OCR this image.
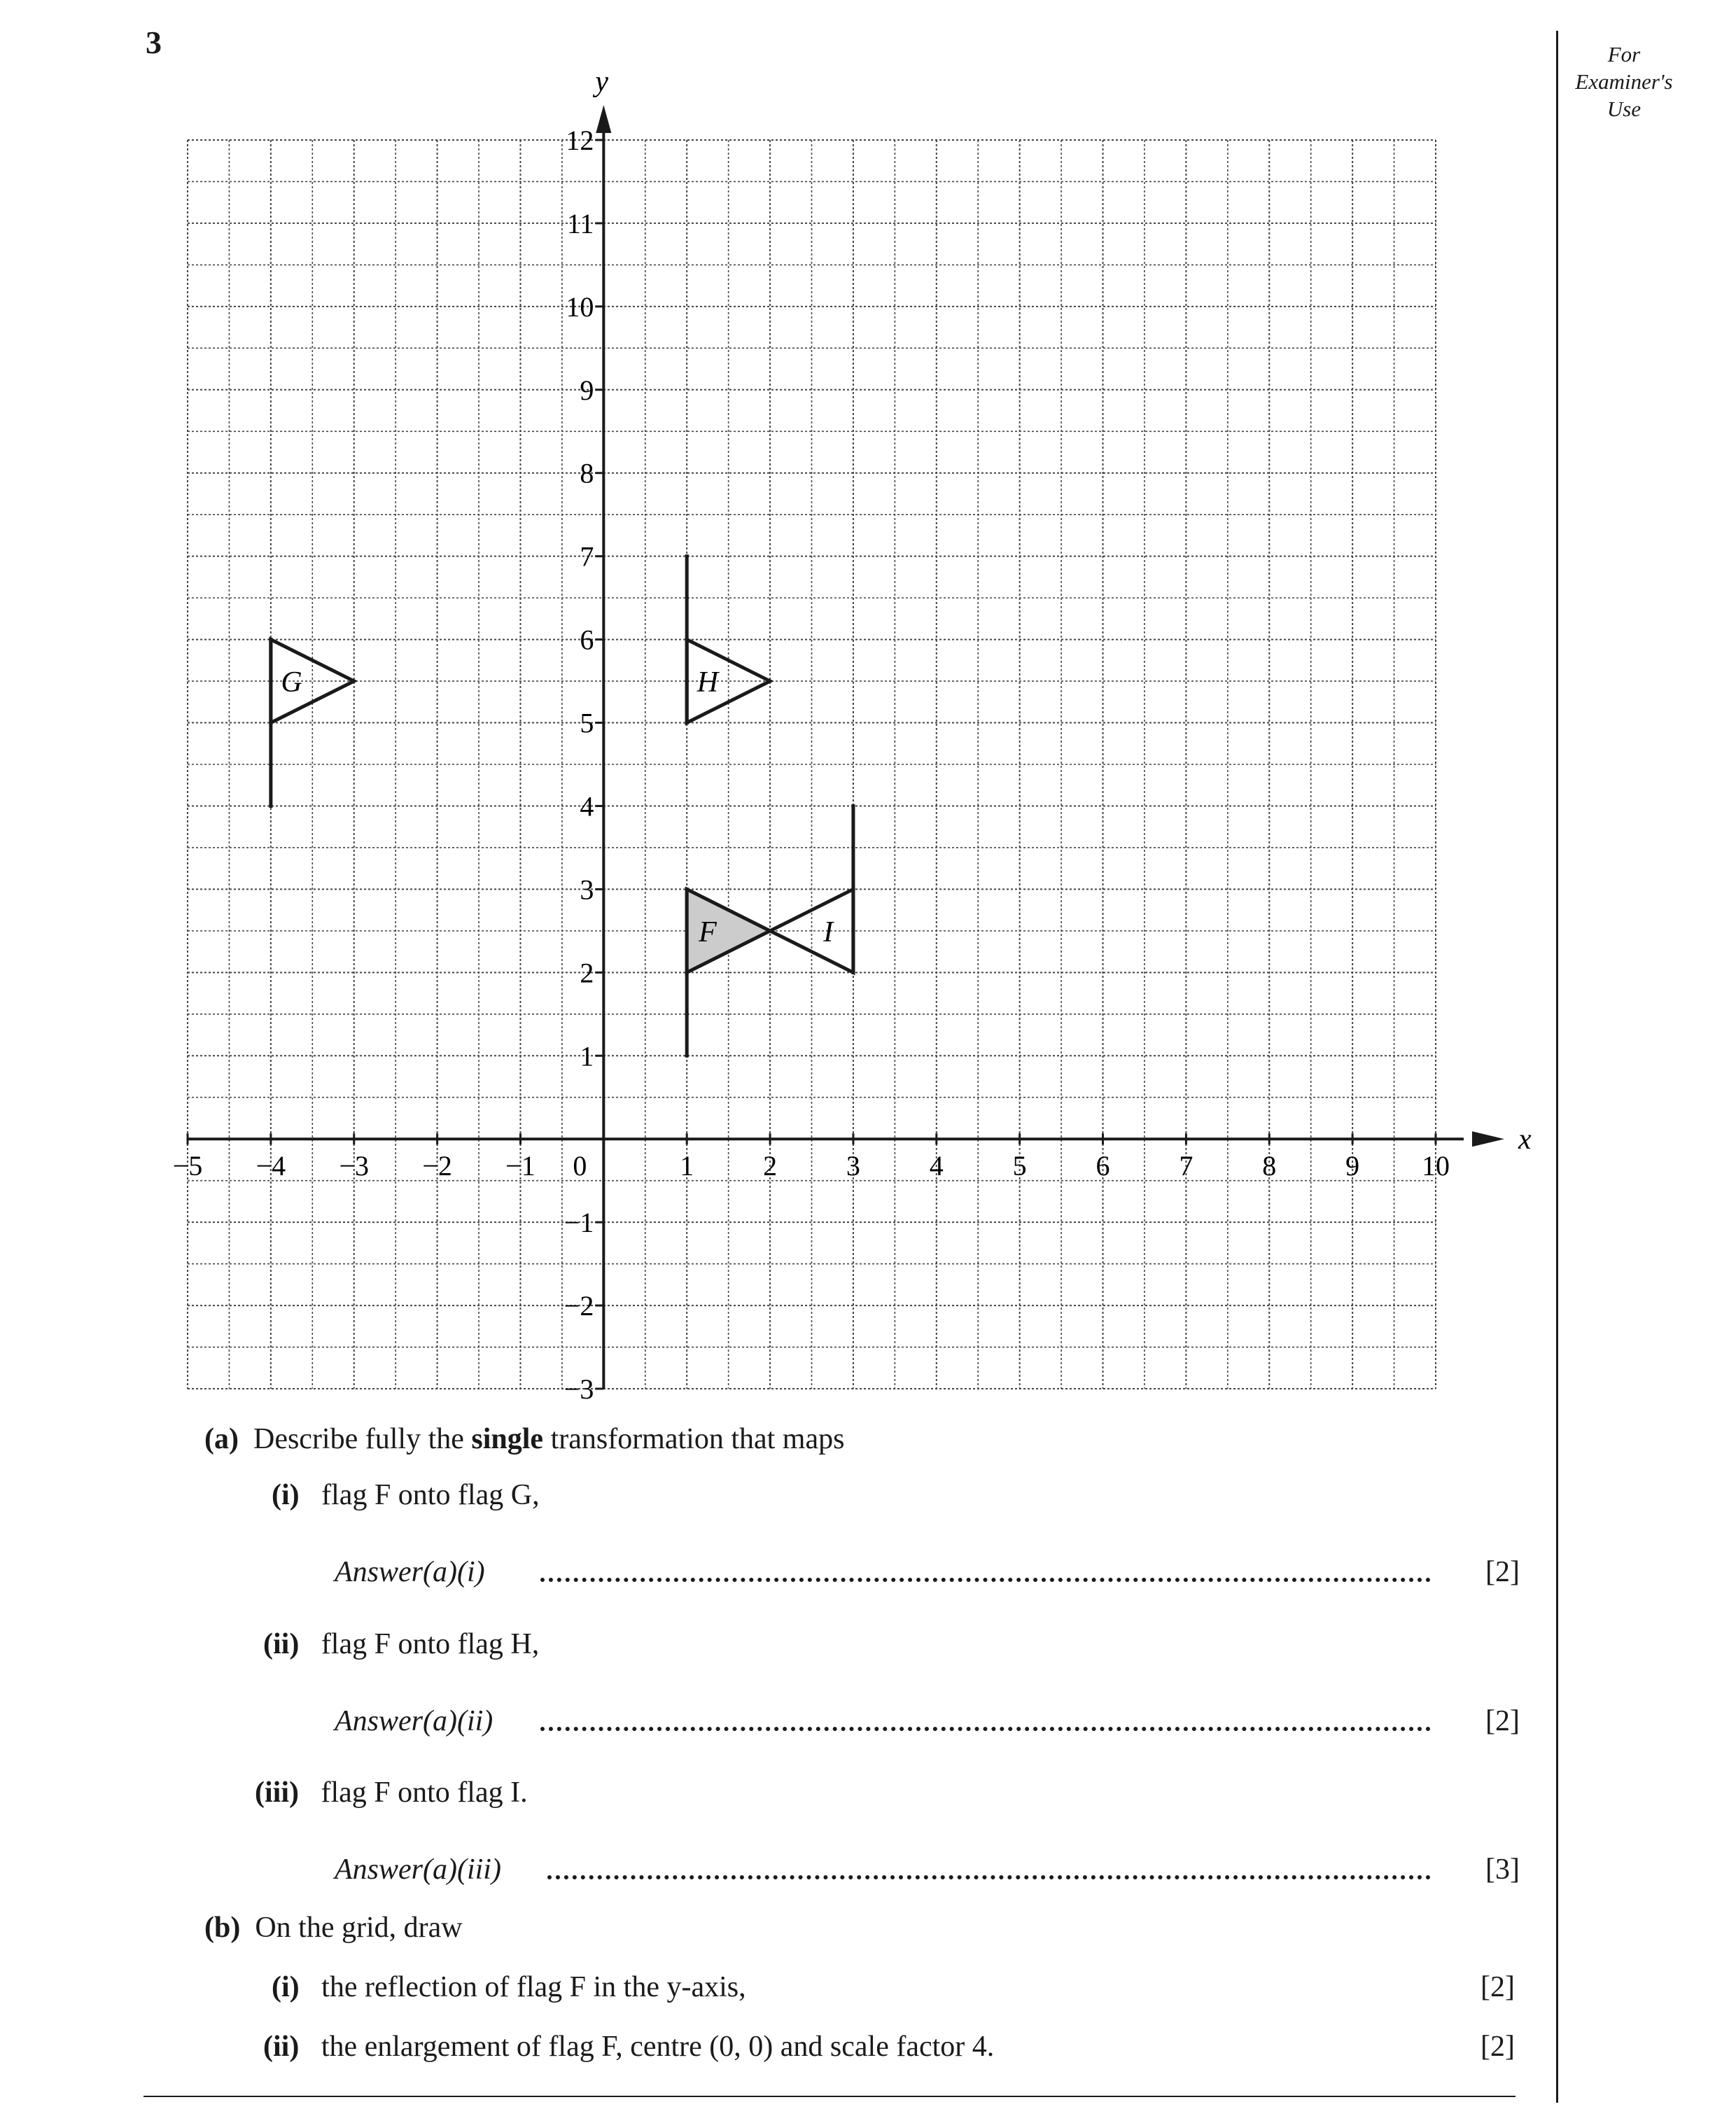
3	For
Examiner's
Use
x
y
−5 −4 −3 −2 −1	1 2 3 4 5 6 7 8 9 10
0
−3
−2
−1
1
2
3
4
5
6
7
8
9
10
11
12
F
G	H
I
(a) Describe fully the single transformation that maps
(i) flag F onto flag G,
Answer(a)(i)	[2]
(ii) flag F onto flag H,
Answer(a)(ii)	[2]
(iii) flag F onto flag I.
Answer(a)(iii)	[3]
(b) On the grid, draw
(i) the reflection of flag F in the y-axis,	[2]
(ii) the enlargement of flag F, centre (0, 0) and scale factor 4.	[2]
